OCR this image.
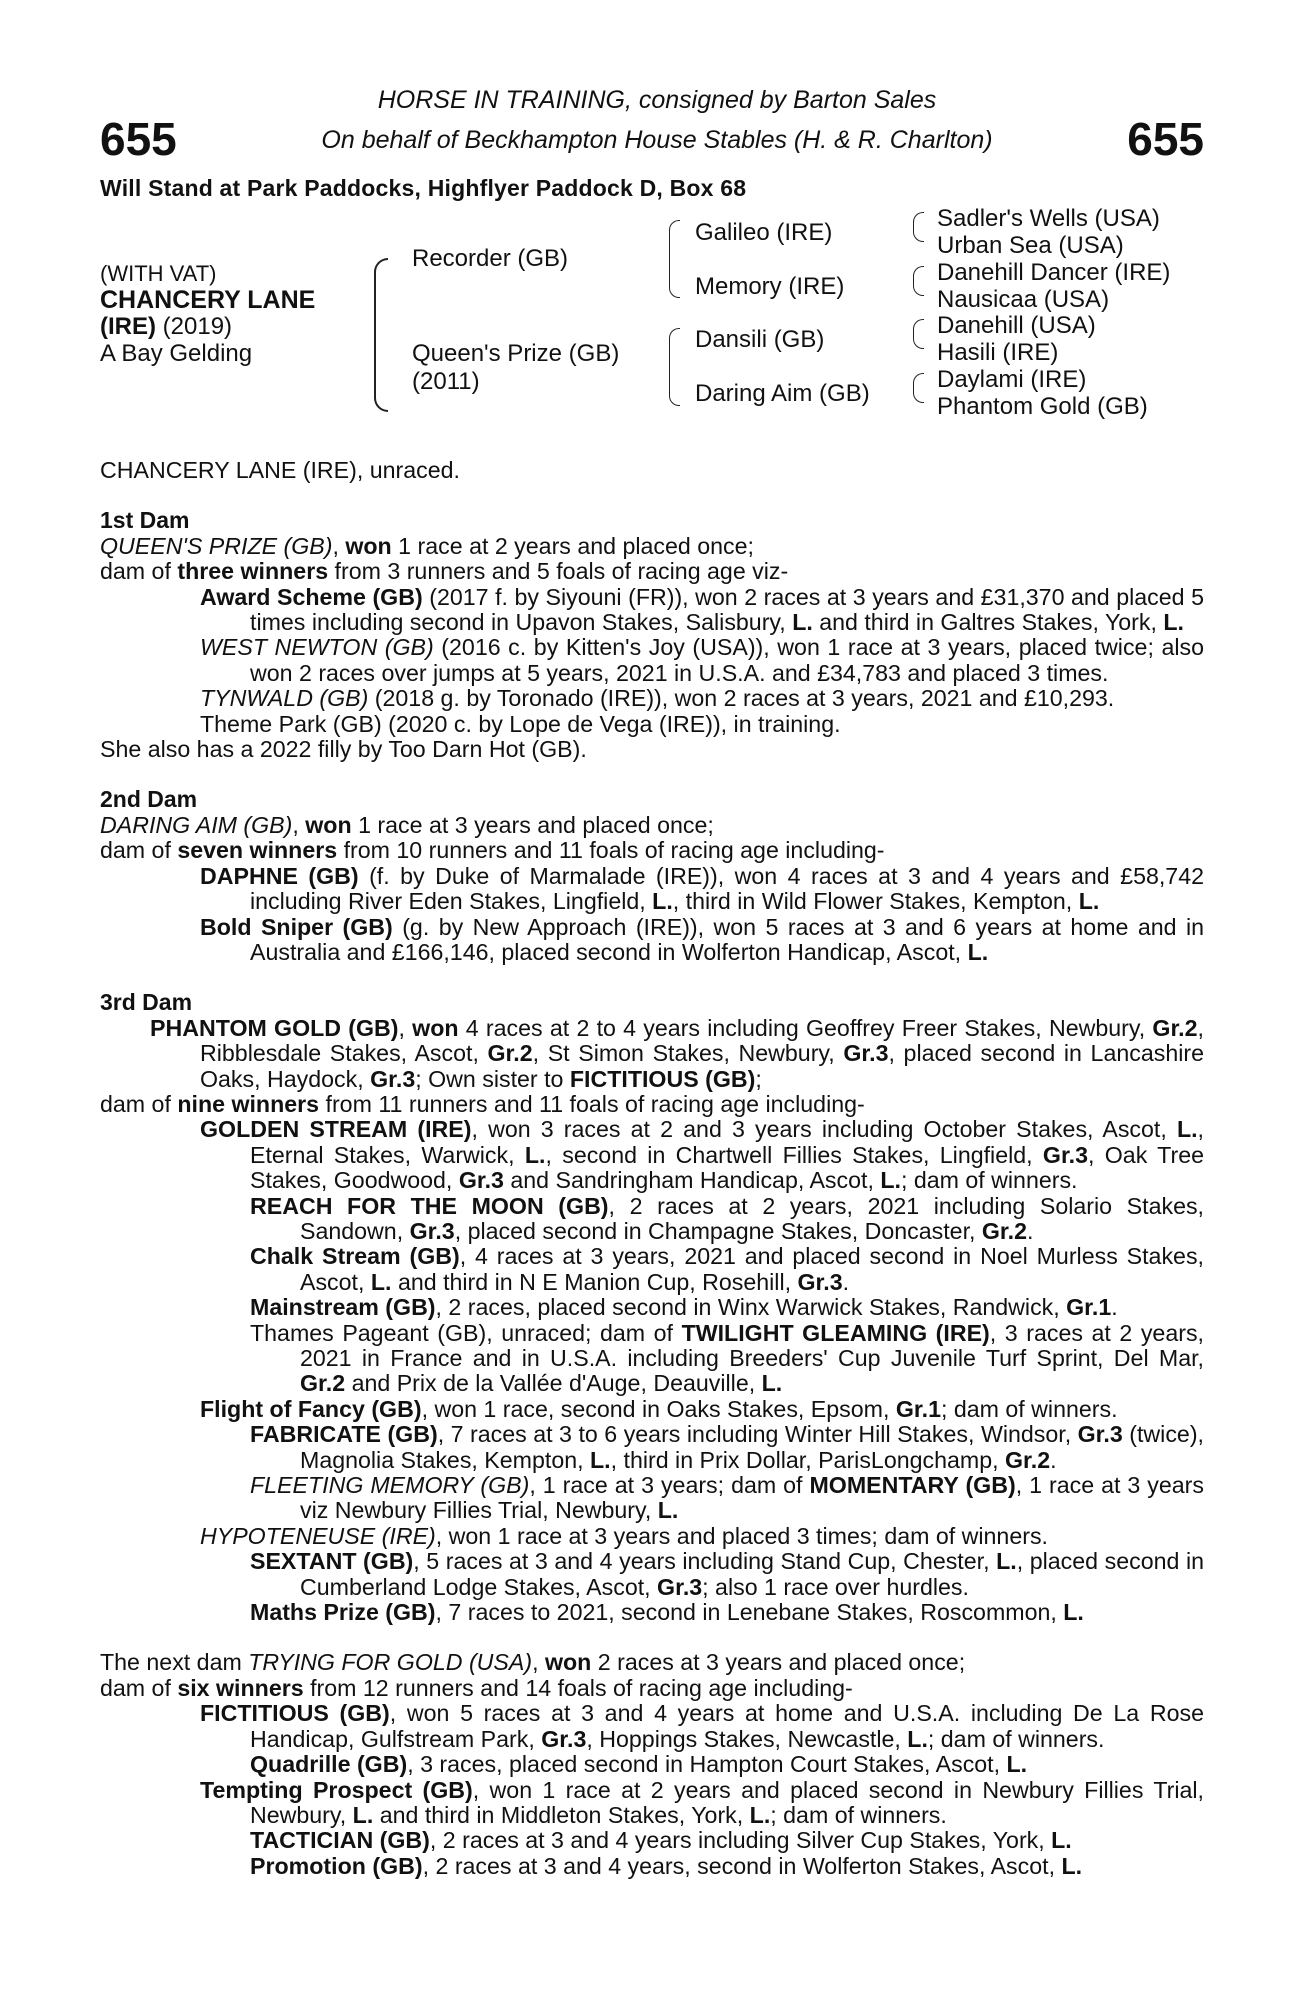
655	655
HORSE IN TRAINING, consigned by Barton Sales
On behalf of Beckhampton House Stables (H. & R. Charlton)
Will Stand at Park Paddocks, Highflyer Paddock D, Box 68
(WITH VAT)
CHANCERY LANE
(IRE) (2019)
A Bay Gelding
Recorder (GB)
Queen's Prize (GB)
(2011)
Galileo (IRE)
Memory (IRE)
Dansili (GB)
Daring Aim (GB)
Sadler's Wells (USA)
Urban Sea (USA)
Danehill Dancer (IRE)
Nausicaa (USA)
Danehill (USA)
Hasili (IRE)
Daylami (IRE)
Phantom Gold (GB)

CHANCERY LANE (IRE), unraced.

1st Dam

QUEEN'S PRIZE (GB), won 1 race at 2 years and placed once;

dam of three winners from 3 runners and 5 foals of racing age viz-

Award Scheme (GB) (2017 f. by Siyouni (FR)), won 2 races at 3 years and £31,370 and placed 5 times including second in Upavon Stakes, Salisbury, L. and third in Galtres Stakes, York, L.

WEST NEWTON (GB) (2016 c. by Kitten's Joy (USA)), won 1 race at 3 years, placed twice; also won 2 races over jumps at 5 years, 2021 in U.S.A. and £34,783 and placed 3 times.

TYNWALD (GB) (2018 g. by Toronado (IRE)), won 2 races at 3 years, 2021 and £10,293.

Theme Park (GB) (2020 c. by Lope de Vega (IRE)), in training.

She also has a 2022 filly by Too Darn Hot (GB).

2nd Dam

DARING AIM (GB), won 1 race at 3 years and placed once;

dam of seven winners from 10 runners and 11 foals of racing age including-

DAPHNE (GB) (f. by Duke of Marmalade (IRE)), won 4 races at 3 and 4 years and £58,742 including River Eden Stakes, Lingfield, L., third in Wild Flower Stakes, Kempton, L.

Bold Sniper (GB) (g. by New Approach (IRE)), won 5 races at 3 and 6 years at home and in Australia and £166,146, placed second in Wolferton Handicap, Ascot, L.

3rd Dam

PHANTOM GOLD (GB), won 4 races at 2 to 4 years including Geoffrey Freer Stakes, Newbury, Gr.2, Ribblesdale Stakes, Ascot, Gr.2, St Simon Stakes, Newbury, Gr.3, placed second in Lancashire Oaks, Haydock, Gr.3; Own sister to FICTITIOUS (GB);

dam of nine winners from 11 runners and 11 foals of racing age including-

GOLDEN STREAM (IRE), won 3 races at 2 and 3 years including October Stakes, Ascot, L., Eternal Stakes, Warwick, L., second in Chartwell Fillies Stakes, Lingfield, Gr.3, Oak Tree Stakes, Goodwood, Gr.3 and Sandringham Handicap, Ascot, L.; dam of winners.

REACH FOR THE MOON (GB), 2 races at 2 years, 2021 including Solario Stakes, Sandown, Gr.3, placed second in Champagne Stakes, Doncaster, Gr.2.

Chalk Stream (GB), 4 races at 3 years, 2021 and placed second in Noel Murless Stakes, Ascot, L. and third in N E Manion Cup, Rosehill, Gr.3.

Mainstream (GB), 2 races, placed second in Winx Warwick Stakes, Randwick, Gr.1.

Thames Pageant (GB), unraced; dam of TWILIGHT GLEAMING (IRE), 3 races at 2 years, 2021 in France and in U.S.A. including Breeders' Cup Juvenile Turf Sprint, Del Mar, Gr.2 and Prix de la Vallée d'Auge, Deauville, L.

Flight of Fancy (GB), won 1 race, second in Oaks Stakes, Epsom, Gr.1; dam of winners.

FABRICATE (GB), 7 races at 3 to 6 years including Winter Hill Stakes, Windsor, Gr.3 (twice), Magnolia Stakes, Kempton, L., third in Prix Dollar, ParisLongchamp, Gr.2.

FLEETING MEMORY (GB), 1 race at 3 years; dam of MOMENTARY (GB), 1 race at 3 years viz Newbury Fillies Trial, Newbury, L.

HYPOTENEUSE (IRE), won 1 race at 3 years and placed 3 times; dam of winners.

SEXTANT (GB), 5 races at 3 and 4 years including Stand Cup, Chester, L., placed second in Cumberland Lodge Stakes, Ascot, Gr.3; also 1 race over hurdles.

Maths Prize (GB), 7 races to 2021, second in Lenebane Stakes, Roscommon, L.

The next dam TRYING FOR GOLD (USA), won 2 races at 3 years and placed once;

dam of six winners from 12 runners and 14 foals of racing age including-

FICTITIOUS (GB), won 5 races at 3 and 4 years at home and U.S.A. including De La Rose Handicap, Gulfstream Park, Gr.3, Hoppings Stakes, Newcastle, L.; dam of winners.

Quadrille (GB), 3 races, placed second in Hampton Court Stakes, Ascot, L.

Tempting Prospect (GB), won 1 race at 2 years and placed second in Newbury Fillies Trial, Newbury, L. and third in Middleton Stakes, York, L.; dam of winners.

TACTICIAN (GB), 2 races at 3 and 4 years including Silver Cup Stakes, York, L.

Promotion (GB), 2 races at 3 and 4 years, second in Wolferton Stakes, Ascot, L.
